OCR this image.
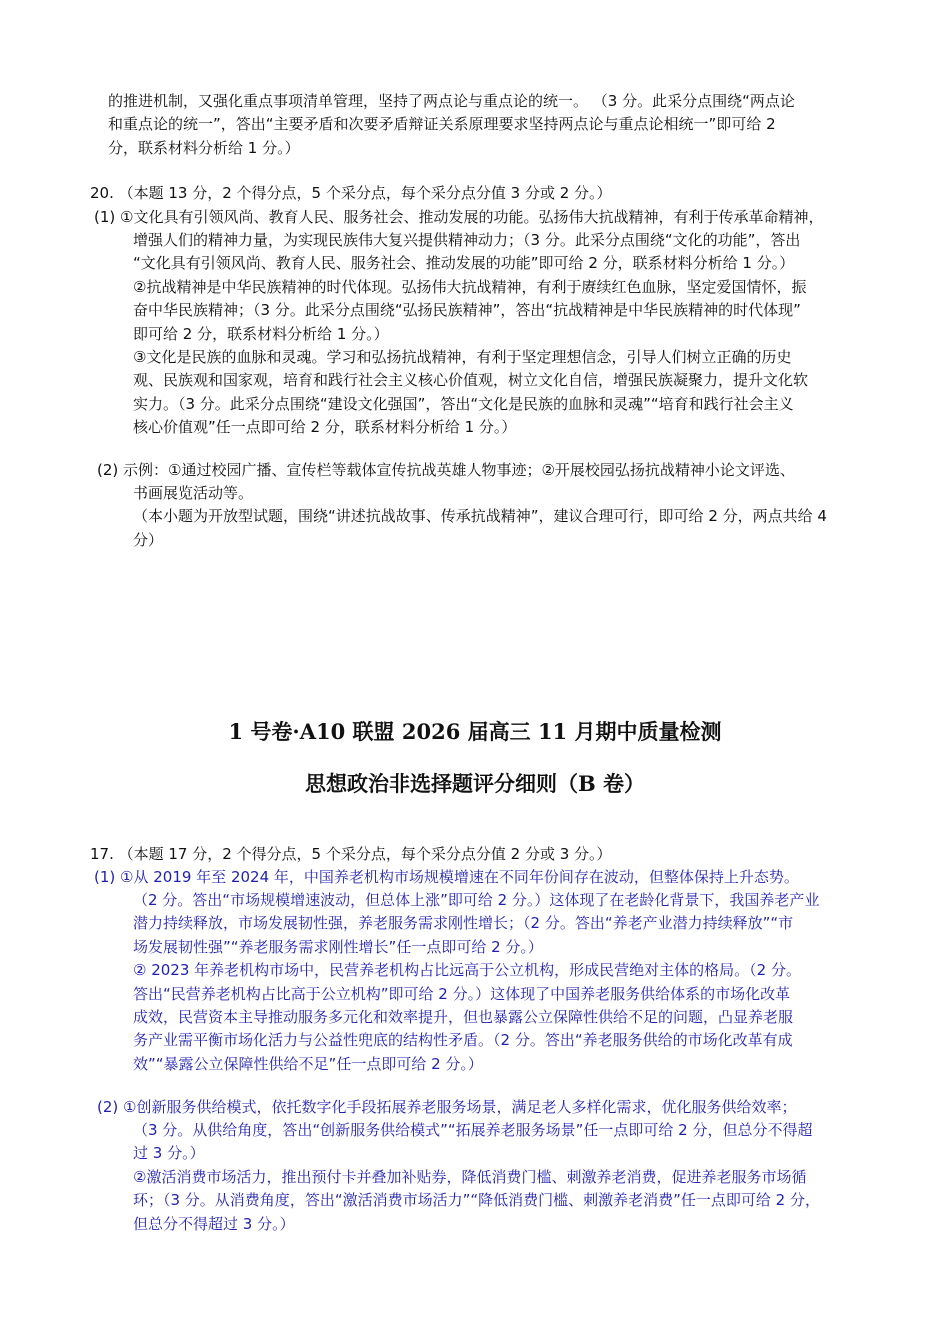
的推进机制，又强化重点事项清单管理，坚持了两点论与重点论的统一。 （3 分。此采分点围绕“两点论

和重点论的统一”，答出“主要矛盾和次要矛盾辩证关系原理要求坚持两点论与重点论相统一”即可给 2

分，联系材料分析给 1 分。）

20. （本题 13 分，2 个得分点，5 个采分点，每个采分点分值 3 分或 2 分。）

(1) ①文化具有引领风尚、教育人民、服务社会、推动发展的功能。弘扬伟大抗战精神，有利于传承革命精神，

增强人们的精神力量，为实现民族伟大复兴提供精神动力；（3 分。此采分点围绕“文化的功能”，答出

“文化具有引领风尚、教育人民、服务社会、推动发展的功能”即可给 2 分，联系材料分析给 1 分。）

②抗战精神是中华民族精神的时代体现。弘扬伟大抗战精神，有利于赓续红色血脉，坚定爱国情怀，振

奋中华民族精神；（3 分。此采分点围绕“弘扬民族精神”，答出“抗战精神是中华民族精神的时代体现”

即可给 2 分，联系材料分析给 1 分。）

③文化是民族的血脉和灵魂。学习和弘扬抗战精神，有利于坚定理想信念，引导人们树立正确的历史

观、民族观和国家观，培育和践行社会主义核心价值观，树立文化自信，增强民族凝聚力，提升文化软

实力。（3 分。此采分点围绕“建设文化强国”，答出“文化是民族的血脉和灵魂”“培育和践行社会主义

核心价值观”任一点即可给 2 分，联系材料分析给 1 分。）

(2) 示例：①通过校园广播、宣传栏等载体宣传抗战英雄人物事迹；②开展校园弘扬抗战精神小论文评选、

书画展览活动等。

（本小题为开放型试题，围绕“讲述抗战故事、传承抗战精神”，建议合理可行，即可给 2 分，两点共给 4

分）

1 号卷·A10 联盟 2026 届高三 11 月期中质量检测
思想政治非选择题评分细则（B 卷）

17. （本题 17 分，2 个得分点，5 个采分点，每个采分点分值 2 分或 3 分。）

(1) ①从 2019 年至 2024 年，中国养老机构市场规模增速在不同年份间存在波动，但整体保持上升态势。

（2 分。答出“市场规模增速波动，但总体上涨”即可给 2 分。）这体现了在老龄化背景下，我国养老产业

潜力持续释放，市场发展韧性强，养老服务需求刚性增长；（2 分。答出“养老产业潜力持续释放”“市

场发展韧性强”“养老服务需求刚性增长”任一点即可给 2 分。）

② 2023 年养老机构市场中，民营养老机构占比远高于公立机构，形成民营绝对主体的格局。（2 分。

答出“民营养老机构占比高于公立机构”即可给 2 分。）这体现了中国养老服务供给体系的市场化改革

成效，民营资本主导推动服务多元化和效率提升，但也暴露公立保障性供给不足的问题，凸显养老服

务产业需平衡市场化活力与公益性兜底的结构性矛盾。（2 分。答出“养老服务供给的市场化改革有成

效”“暴露公立保障性供给不足”任一点即可给 2 分。）

(2) ①创新服务供给模式，依托数字化手段拓展养老服务场景，满足老人多样化需求，优化服务供给效率；

（3 分。从供给角度，答出“创新服务供给模式”“拓展养老服务场景”任一点即可给 2 分，但总分不得超

过 3 分。）

②激活消费市场活力，推出预付卡并叠加补贴券，降低消费门槛、刺激养老消费，促进养老服务市场循

环；（3 分。从消费角度，答出“激活消费市场活力”“降低消费门槛、刺激养老消费”任一点即可给 2 分，

但总分不得超过 3 分。）
